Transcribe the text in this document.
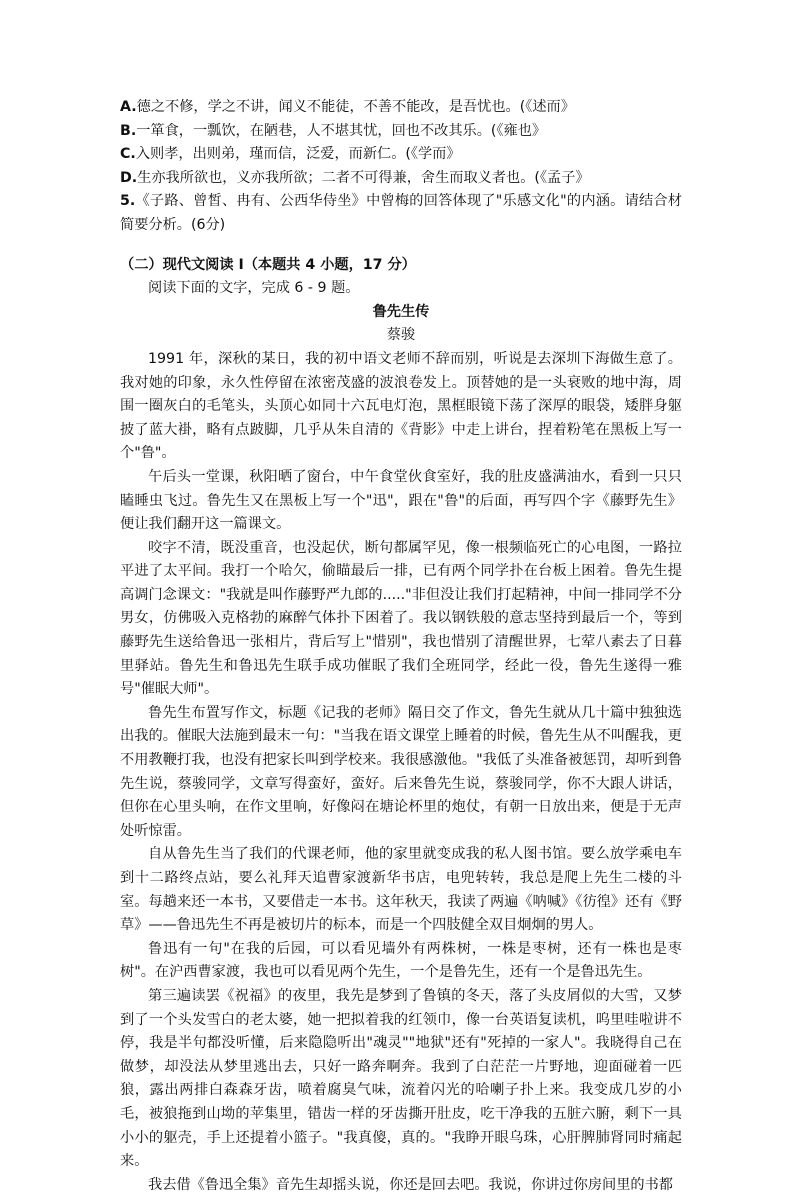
A.德之不修，学之不讲，闻义不能徒，不善不能改，是吾忧也。(《述而》
B.一箪食，一瓢饮，在陋巷，人不堪其忧，回也不改其乐。(《雍也》
C.入则孝，出则弟，瑾而信，泛爱，而新仁。(《学而》
D.生亦我所欲也，义亦我所欲；二者不可得兼，舍生而取义者也。(《孟子》
5.《子路、曾皙、冉有、公西华侍坐》中曾梅的回答体现了"乐感文化"的内涵。请结合材简要分析。(6分)
（二）现代文阅读 I（本题共 4 小题，17 分）
阅读下面的文字，完成 6 - 9 题。
鲁先生传
蔡骏
1991 年，深秋的某日，我的初中语文老师不辞而别，听说是去深圳下海做生意了。我对她的印象，永久性停留在浓密茂盛的波浪卷发上。顶替她的是一头衰败的地中海，周围一圈灰白的毛笔头，头顶心如同十六瓦电灯泡，黑框眼镜下荡了深厚的眼袋，矮胖身躯披了蓝大褂，略有点跛脚，几乎从朱自清的《背影》中走上讲台，捏着粉笔在黑板上写一个"鲁"。
午后头一堂课，秋阳晒了窗台，中午食堂伙食室好，我的肚皮盛满油水，看到一只只瞌睡虫飞过。鲁先生又在黑板上写一个"迅"，跟在"鲁"的后面，再写四个字《藤野先生》便让我们翻开这一篇课文。
咬字不清，既没重音，也没起伏，断句都属罕见，像一根频临死亡的心电图，一路拉平进了太平间。我打一个哈欠，偷瞄最后一排，已有两个同学扑在台板上困着。鲁先生提高调门念课文："我就是叫作藤野严九郎的....."非但没让我们打起精神，中间一排同学不分男女，仿佛吸入克格勃的麻醉气体扑下困着了。我以钢铁般的意志坚持到最后一个，等到藤野先生送给鲁迅一张相片，背后写上"惜别"，我也惜别了清醒世界，七荤八素去了日暮里驿站。鲁先生和鲁迅先生联手成功催眠了我们全班同学，经此一役，鲁先生遂得一雅号"催眠大师"。
鲁先生布置写作文，标题《记我的老师》隔日交了作文，鲁先生就从几十篇中独独选出我的。催眠大法施到最末一句："当我在语文课堂上睡着的时候，鲁先生从不叫醒我，更不用教鞭打我，也没有把家长叫到学校来。我很感激他。"我低了头准备被惩罚，却听到鲁先生说，蔡骏同学，文章写得蛮好，蛮好。后来鲁先生说，蔡骏同学，你不大跟人讲话，但你在心里头响，在作文里响，好像闷在塘论杯里的炮仗，有朝一日放出来，便是于无声处听惊雷。
自从鲁先生当了我们的代课老师，他的家里就变成我的私人图书馆。要么放学乘电车到十二路终点站，要么礼拜天追曹家渡新华书店，电兜转转，我总是爬上先生二楼的斗室。每趟来还一本书，又要借走一本书。这年秋天，我读了两遍《呐喊》《彷徨》还有《野草》——鲁迅先生不再是被切片的标本，而是一个四肢健全双目炯炯的男人。
鲁迅有一句"在我的后园，可以看见墙外有两株树，一株是枣树，还有一株也是枣树"。在沪西曹家渡，我也可以看见两个先生，一个是鲁先生，还有一个是鲁迅先生。
第三遍读罢《祝福》的夜里，我先是梦到了鲁镇的冬天，落了头皮屑似的大雪，又梦到了一个头发雪白的老太婆，她一把拟着我的红领巾，像一台英语复读机，呜里哇啦讲不停，我是半句都没听懂，后来隐隐听出"魂灵""地狱"还有"死掉的一家人"。我晓得自己在做梦，却没法从梦里逃出去，只好一路奔啊奔。我到了白茫茫一片野地，迎面碰着一匹狼，露出两排白森森牙齿，喷着腐臭气味，流着闪光的哈喇子扑上来。我变成几岁的小毛，被狼拖到山坳的苹集里，错齿一样的牙齿撕开肚皮，吃干净我的五脏六腑，剩下一具小小的躯壳，手上还提着小篮子。"我真傻，真的。"我睁开眼乌珠，心肝脾肺肾同时痛起来。
我去借《鲁迅全集》音先生却摇头说，你还是回去吧。我说，你讲过你房间里的书都
